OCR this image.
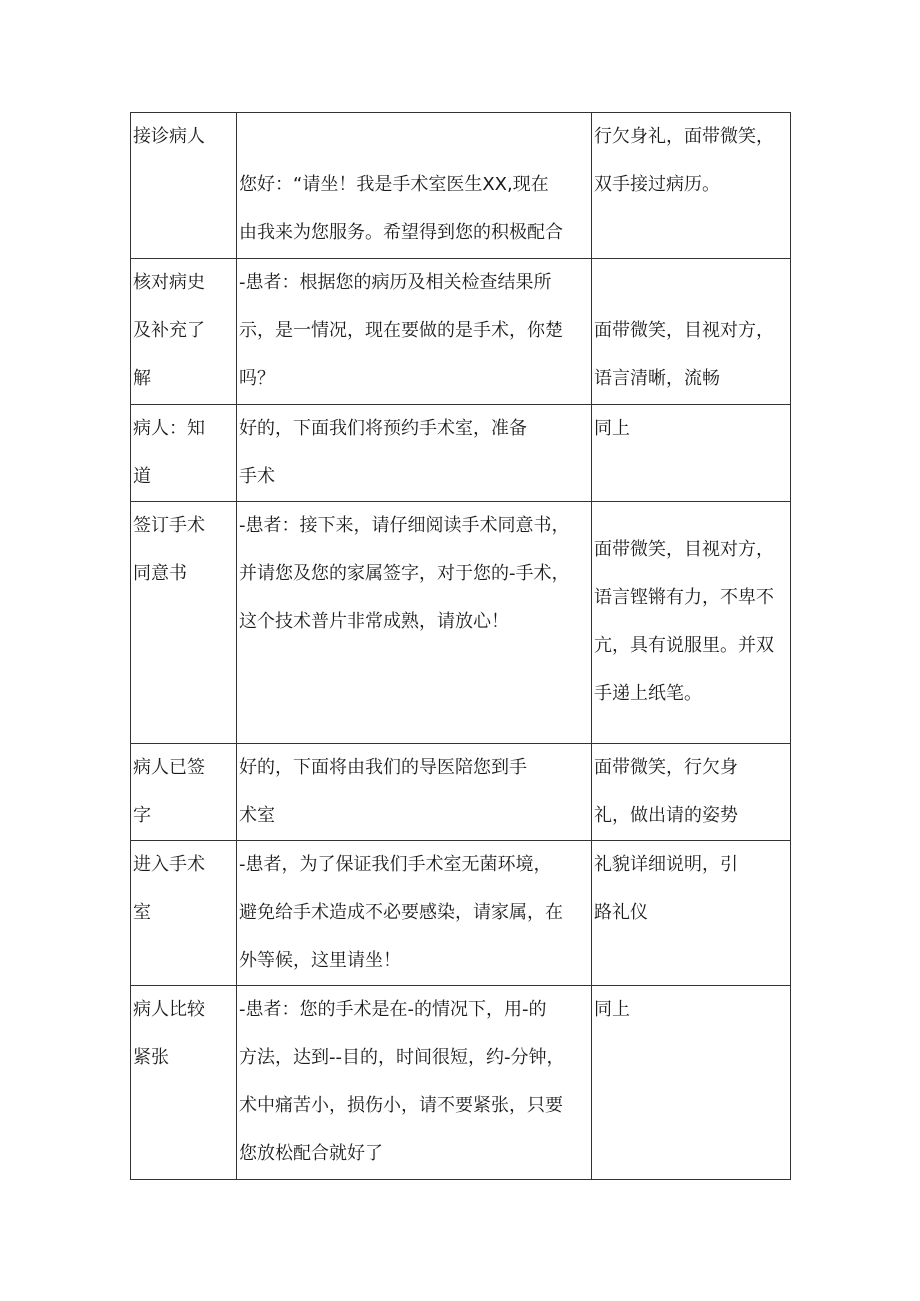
接诊病人	您好：“请坐！我是手术室医生XX,现在
由我来为您服务。希望得到您的积极配合	行欠身礼，面带微笑，
双手接过病历。

核对病史
及补充了
解	-患者：根据您的病历及相关检查结果所
示，是一情况，现在要做的是手术，你楚
吗？	面带微笑，目视对方，
语言清晰，流畅

病人：知
道	好的，下面我们将预约手术室，准备
手术	同上

签订手术
同意书	-患者：接下来，请仔细阅读手术同意书，
并请您及您的家属签字，对于您的-手术，
这个技术普片非常成熟，请放心！	面带微笑，目视对方，
语言铿锵有力，不卑不
亢，具有说服里。并双
手递上纸笔。

病人已签
字	好的，下面将由我们的导医陪您到手
术室	面带微笑，行欠身
礼，做出请的姿势

进入手术
室	-患者，为了保证我们手术室无菌环境，
避免给手术造成不必要感染，请家属，在
外等候，这里请坐！	礼貌详细说明，引
路礼仪

病人比较
紧张	-患者：您的手术是在-的情况下，用-的
方法，达到--目的，时间很短，约-分钟，
术中痛苦小，损伤小，请不要紧张，只要
您放松配合就好了	同上
